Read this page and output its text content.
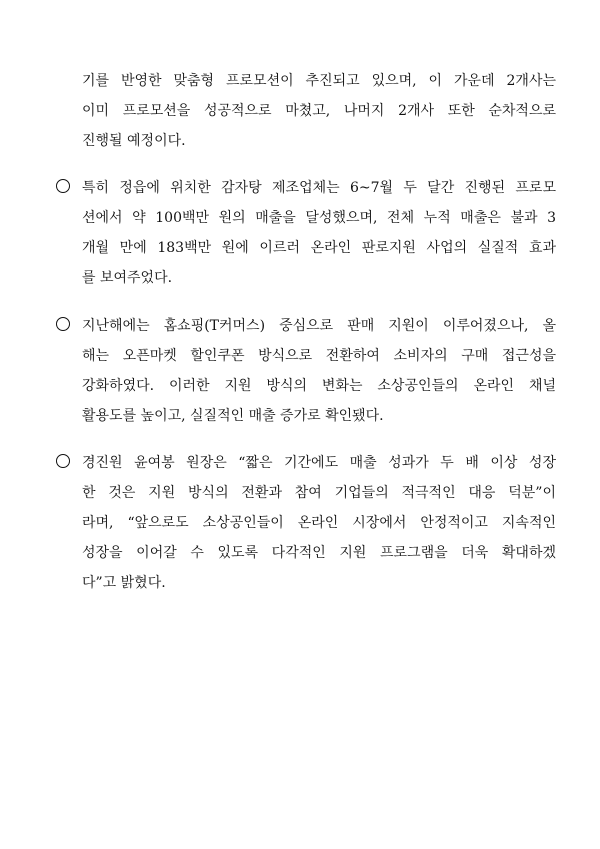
기를 반영한 맞춤형 프로모션이 추진되고 있으며, 이 가운데 2개사는
이미 프로모션을 성공적으로 마쳤고, 나머지 2개사 또한 순차적으로
진행될 예정이다.
특히 정읍에 위치한 감자탕 제조업체는 6~7월 두 달간 진행된 프로모
션에서 약 100백만 원의 매출을 달성했으며, 전체 누적 매출은 불과 3
개월 만에 183백만 원에 이르러 온라인 판로지원 사업의 실질적 효과
를 보여주었다.
지난해에는 홈쇼핑(T커머스) 중심으로 판매 지원이 이루어졌으나, 올
해는 오픈마켓 할인쿠폰 방식으로 전환하여 소비자의 구매 접근성을
강화하였다. 이러한 지원 방식의 변화는 소상공인들의 온라인 채널
활용도를 높이고, 실질적인 매출 증가로 확인됐다.
경진원 윤여봉 원장은 “짧은 기간에도 매출 성과가 두 배 이상 성장
한 것은 지원 방식의 전환과 참여 기업들의 적극적인 대응 덕분”이
라며, “앞으로도 소상공인들이 온라인 시장에서 안정적이고 지속적인
성장을 이어갈 수 있도록 다각적인 지원 프로그램을 더욱 확대하겠
다”고 밝혔다.
